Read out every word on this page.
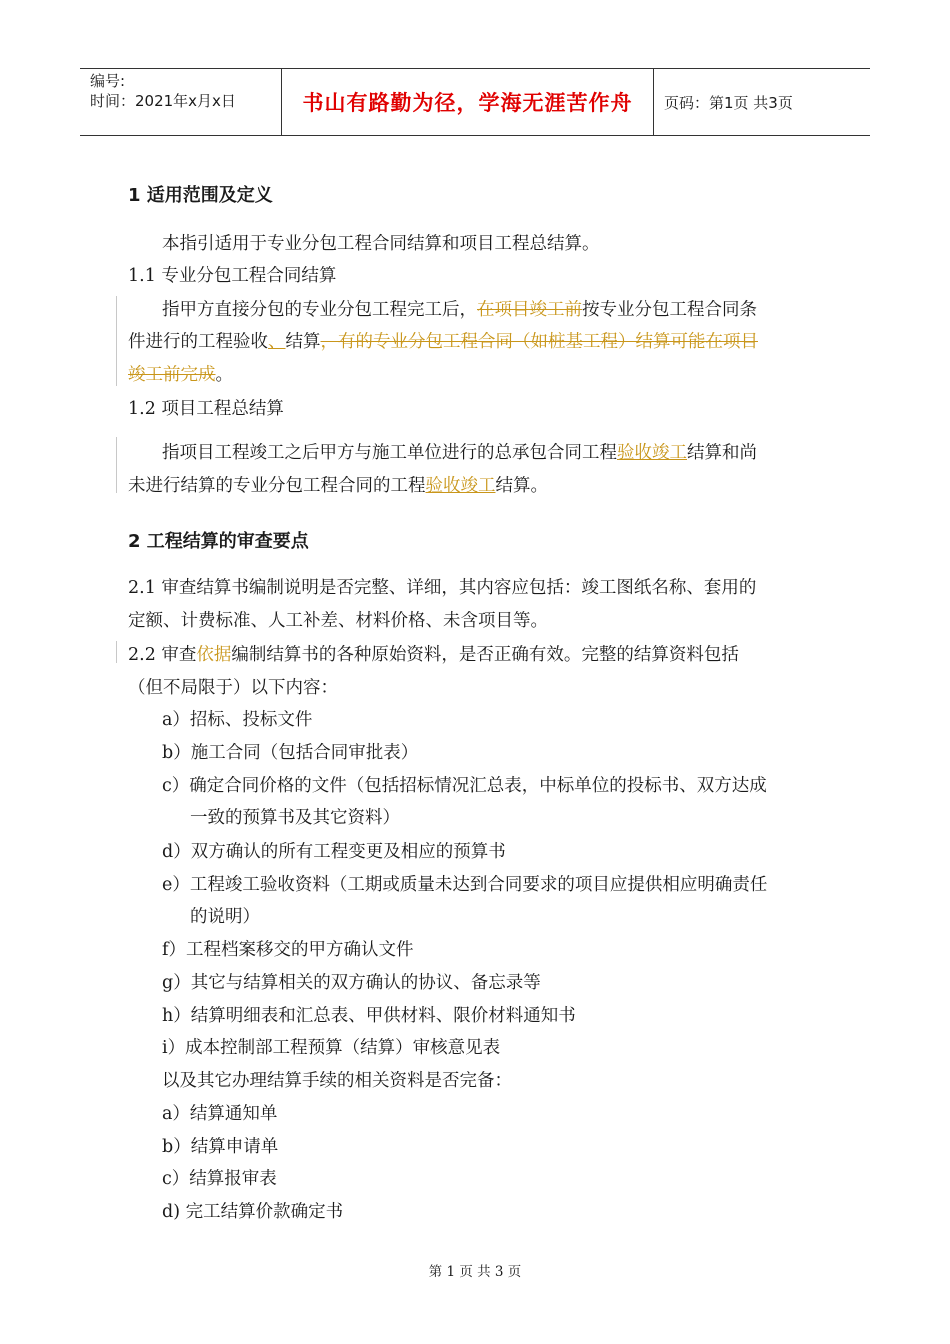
编号:
时间：2021年x月x日	书山有路勤为径，学海无涯苦作舟	页码：第1页 共3页
1 适用范围及定义
本指引适用于专业分包工程合同结算和项目工程总结算。
1.1 专业分包工程合同结算
指甲方直接分包的专业分包工程完工后，在项目竣工前按专业分包工程合同条
件进行的工程验收、结算，有的专业分包工程合同（如桩基工程）结算可能在项目
竣工前完成。
1.2 项目工程总结算
指项目工程竣工之后甲方与施工单位进行的总承包合同工程验收竣工结算和尚
未进行结算的专业分包工程合同的工程验收竣工结算。
2 工程结算的审查要点
2.1 审查结算书编制说明是否完整、详细，其内容应包括：竣工图纸名称、套用的
定额、计费标准、人工补差、材料价格、未含项目等。
2.2 审查依据编制结算书的各种原始资料，是否正确有效。完整的结算资料包括
（但不局限于）以下内容：
a）招标、投标文件
b）施工合同（包括合同审批表）
c）确定合同价格的文件（包括招标情况汇总表，中标单位的投标书、双方达成
一致的预算书及其它资料）
d）双方确认的所有工程变更及相应的预算书
e）工程竣工验收资料（工期或质量未达到合同要求的项目应提供相应明确责任
的说明）
f）工程档案移交的甲方确认文件
g）其它与结算相关的双方确认的协议、备忘录等
h）结算明细表和汇总表、甲供材料、限价材料通知书
i）成本控制部工程预算（结算）审核意见表
以及其它办理结算手续的相关资料是否完备：
a）结算通知单
b）结算申请单
c）结算报审表
d) 完工结算价款确定书
第 1 页 共 3 页
